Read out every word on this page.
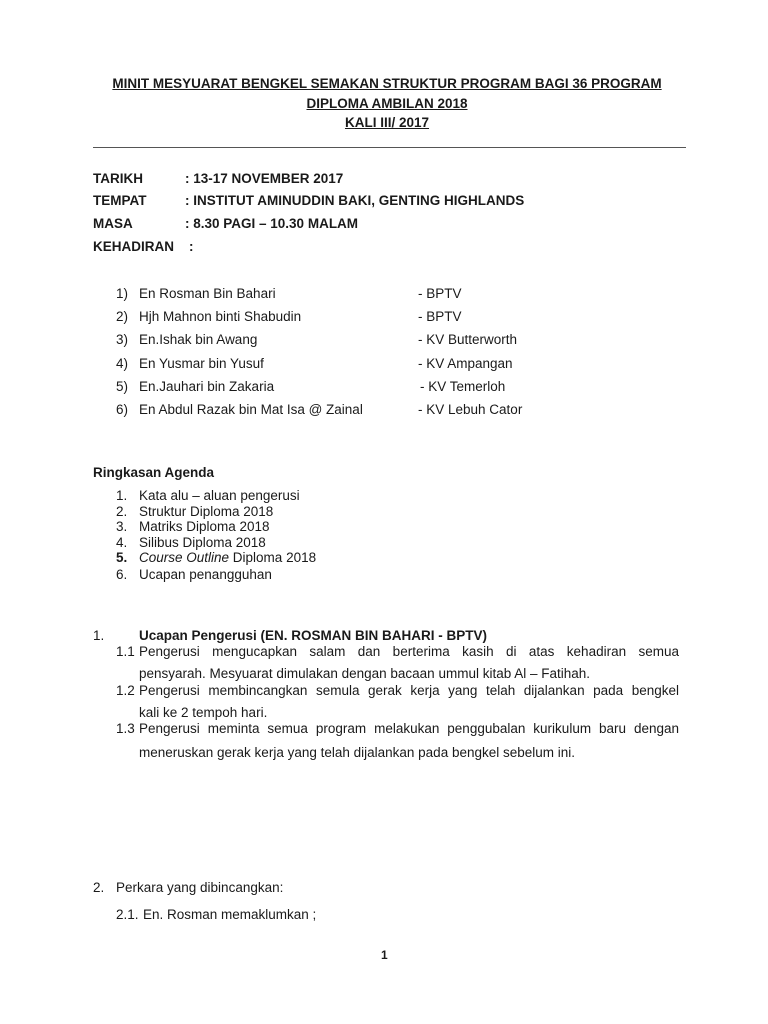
MINIT MESYUARAT BENGKEL SEMAKAN STRUKTUR PROGRAM BAGI 36 PROGRAM
DIPLOMA AMBILAN 2018
KALI III/ 2017
TARIKH	: 13-17 NOVEMBER 2017
TEMPAT	: INSTITUT AMINUDDIN BAKI, GENTING HIGHLANDS
MASA	: 8.30 PAGI – 10.30 MALAM
KEHADIRAN :
1) En Rosman Bin Bahari	- BPTV
2) Hjh Mahnon binti Shabudin	- BPTV
3) En.Ishak bin Awang	- KV Butterworth
4) En Yusmar bin Yusuf	- KV Ampangan
5) En.Jauhari bin Zakaria	- KV Temerloh
6) En Abdul Razak bin Mat Isa @ Zainal	- KV Lebuh Cator
Ringkasan Agenda
1. Kata alu – aluan pengerusi
2. Struktur Diploma 2018
3. Matriks Diploma 2018
4. Silibus Diploma 2018
5. Course Outline Diploma 2018
6. Ucapan penangguhan
1.	Ucapan Pengerusi (EN. ROSMAN BIN BAHARI - BPTV)
1.1 Pengerusi mengucapkan salam dan berterima kasih di atas kehadiran semua
pensyarah. Mesyuarat dimulakan dengan bacaan ummul kitab Al – Fatihah.
1.2 Pengerusi membincangkan semula gerak kerja yang telah dijalankan pada bengkel
kali ke 2 tempoh hari.
1.3 Pengerusi meminta semua program melakukan penggubalan kurikulum baru dengan
meneruskan gerak kerja yang telah dijalankan pada bengkel sebelum ini.
2. Perkara yang dibincangkan:
2.1. En. Rosman memaklumkan ;
1
